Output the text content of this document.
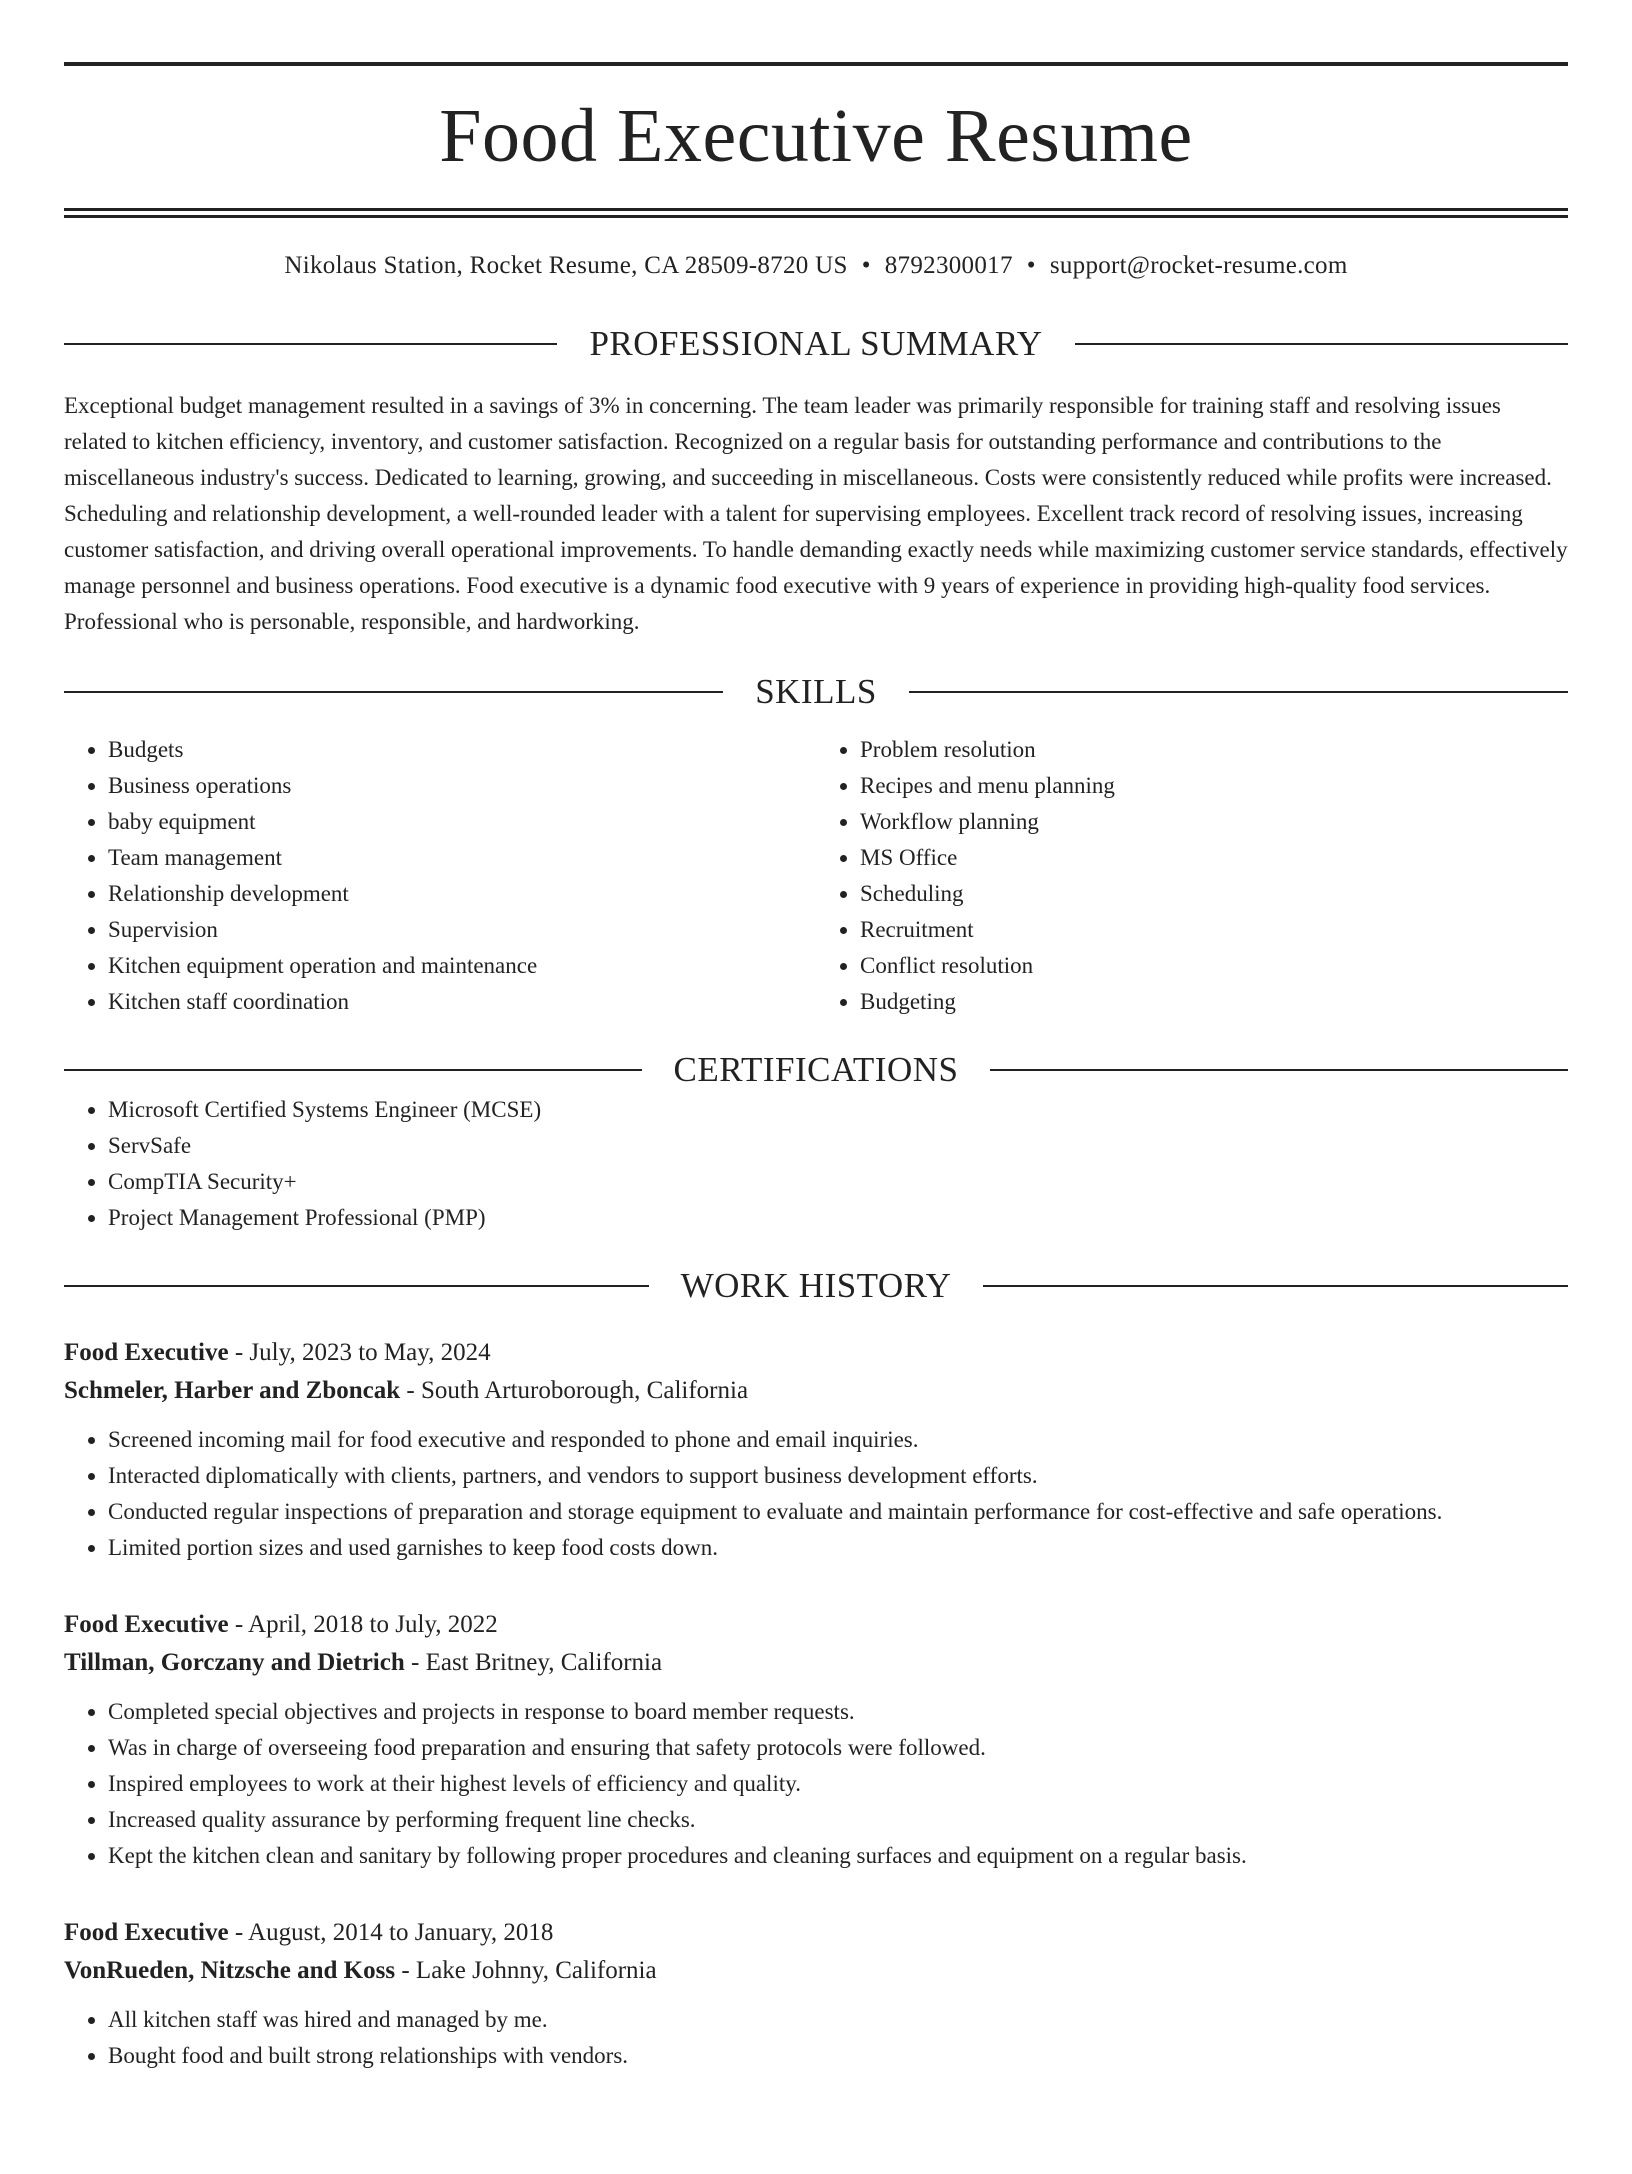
Food Executive Resume
Nikolaus Station, Rocket Resume, CA 28509-8720 US • 8792300017 • support@rocket-resume.com
PROFESSIONAL SUMMARY

Exceptional budget management resulted in a savings of 3% in concerning. The team leader was primarily responsible for training staff and resolving issues related to kitchen efficiency, inventory, and customer satisfaction. Recognized on a regular basis for outstanding performance and contributions to the miscellaneous industry's success. Dedicated to learning, growing, and succeeding in miscellaneous. Costs were consistently reduced while profits were increased. Scheduling and relationship development, a well-rounded leader with a talent for supervising employees. Excellent track record of resolving issues, increasing customer satisfaction, and driving overall operational improvements. To handle demanding exactly needs while maximizing customer service standards, effectively manage personnel and business operations. Food executive is a dynamic food executive with 9 years of experience in providing high-quality food services. Professional who is personable, responsible, and hardworking.

SKILLS
• Budgets
• Business operations
• baby equipment
• Team management
• Relationship development
• Supervision
• Kitchen equipment operation and maintenance
• Kitchen staff coordination
• Problem resolution
• Recipes and menu planning
• Workflow planning
• MS Office
• Scheduling
• Recruitment
• Conflict resolution
• Budgeting
CERTIFICATIONS
• Microsoft Certified Systems Engineer (MCSE)
• ServSafe
• CompTIA Security+
• Project Management Professional (PMP)
WORK HISTORY
Food Executive - July, 2023 to May, 2024
Schmeler, Harber and Zboncak - South Arturoborough, California
• Screened incoming mail for food executive and responded to phone and email inquiries.
• Interacted diplomatically with clients, partners, and vendors to support business development efforts.
• Conducted regular inspections of preparation and storage equipment to evaluate and maintain performance for cost-effective and safe operations.
• Limited portion sizes and used garnishes to keep food costs down.
Food Executive - April, 2018 to July, 2022
Tillman, Gorczany and Dietrich - East Britney, California
• Completed special objectives and projects in response to board member requests.
• Was in charge of overseeing food preparation and ensuring that safety protocols were followed.
• Inspired employees to work at their highest levels of efficiency and quality.
• Increased quality assurance by performing frequent line checks.
• Kept the kitchen clean and sanitary by following proper procedures and cleaning surfaces and equipment on a regular basis.
Food Executive - August, 2014 to January, 2018
VonRueden, Nitzsche and Koss - Lake Johnny, California
• All kitchen staff was hired and managed by me.
• Bought food and built strong relationships with vendors.
